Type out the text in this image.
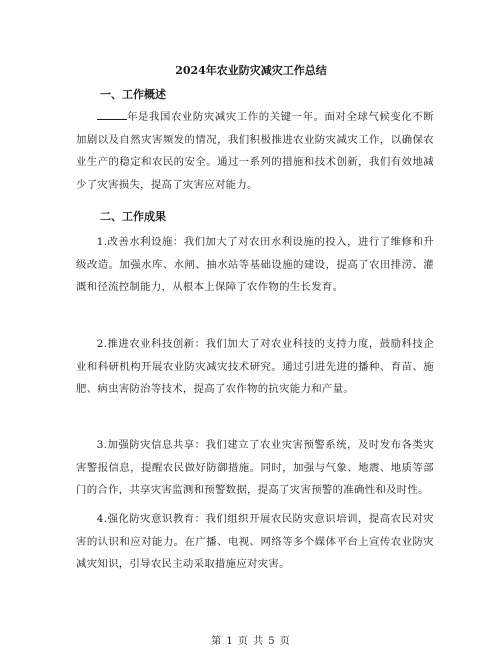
2024年农业防灾减灾工作总结
一、工作概述
年是我国农业防灾减灾工作的关键一年。面对全球气候变化不断加剧以及自然灾害频发的情况，我们积极推进农业防灾减灾工作，以确保农业生产的稳定和农民的安全。通过一系列的措施和技术创新，我们有效地减少了灾害损失，提高了灾害应对能力。
二、工作成果
1.改善水利设施：我们加大了对农田水利设施的投入，进行了维修和升级改造。加强水库、水闸、抽水站等基础设施的建设，提高了农田排涝、灌溉和径流控制能力，从根本上保障了农作物的生长发育。
2.推进农业科技创新：我们加大了对农业科技的支持力度，鼓励科技企业和科研机构开展农业防灾减灾技术研究。通过引进先进的播种、育苗、施肥、病虫害防治等技术，提高了农作物的抗灾能力和产量。
3.加强防灾信息共享：我们建立了农业灾害预警系统，及时发布各类灾害警报信息，提醒农民做好防御措施。同时，加强与气象、地震、地质等部门的合作，共享灾害监测和预警数据，提高了灾害预警的准确性和及时性。
4.强化防灾意识教育：我们组织开展农民防灾意识培训，提高农民对灾害的认识和应对能力。在广播、电视、网络等多个媒体平台上宣传农业防灾减灾知识，引导农民主动采取措施应对灾害。
第 1 页 共 5 页
